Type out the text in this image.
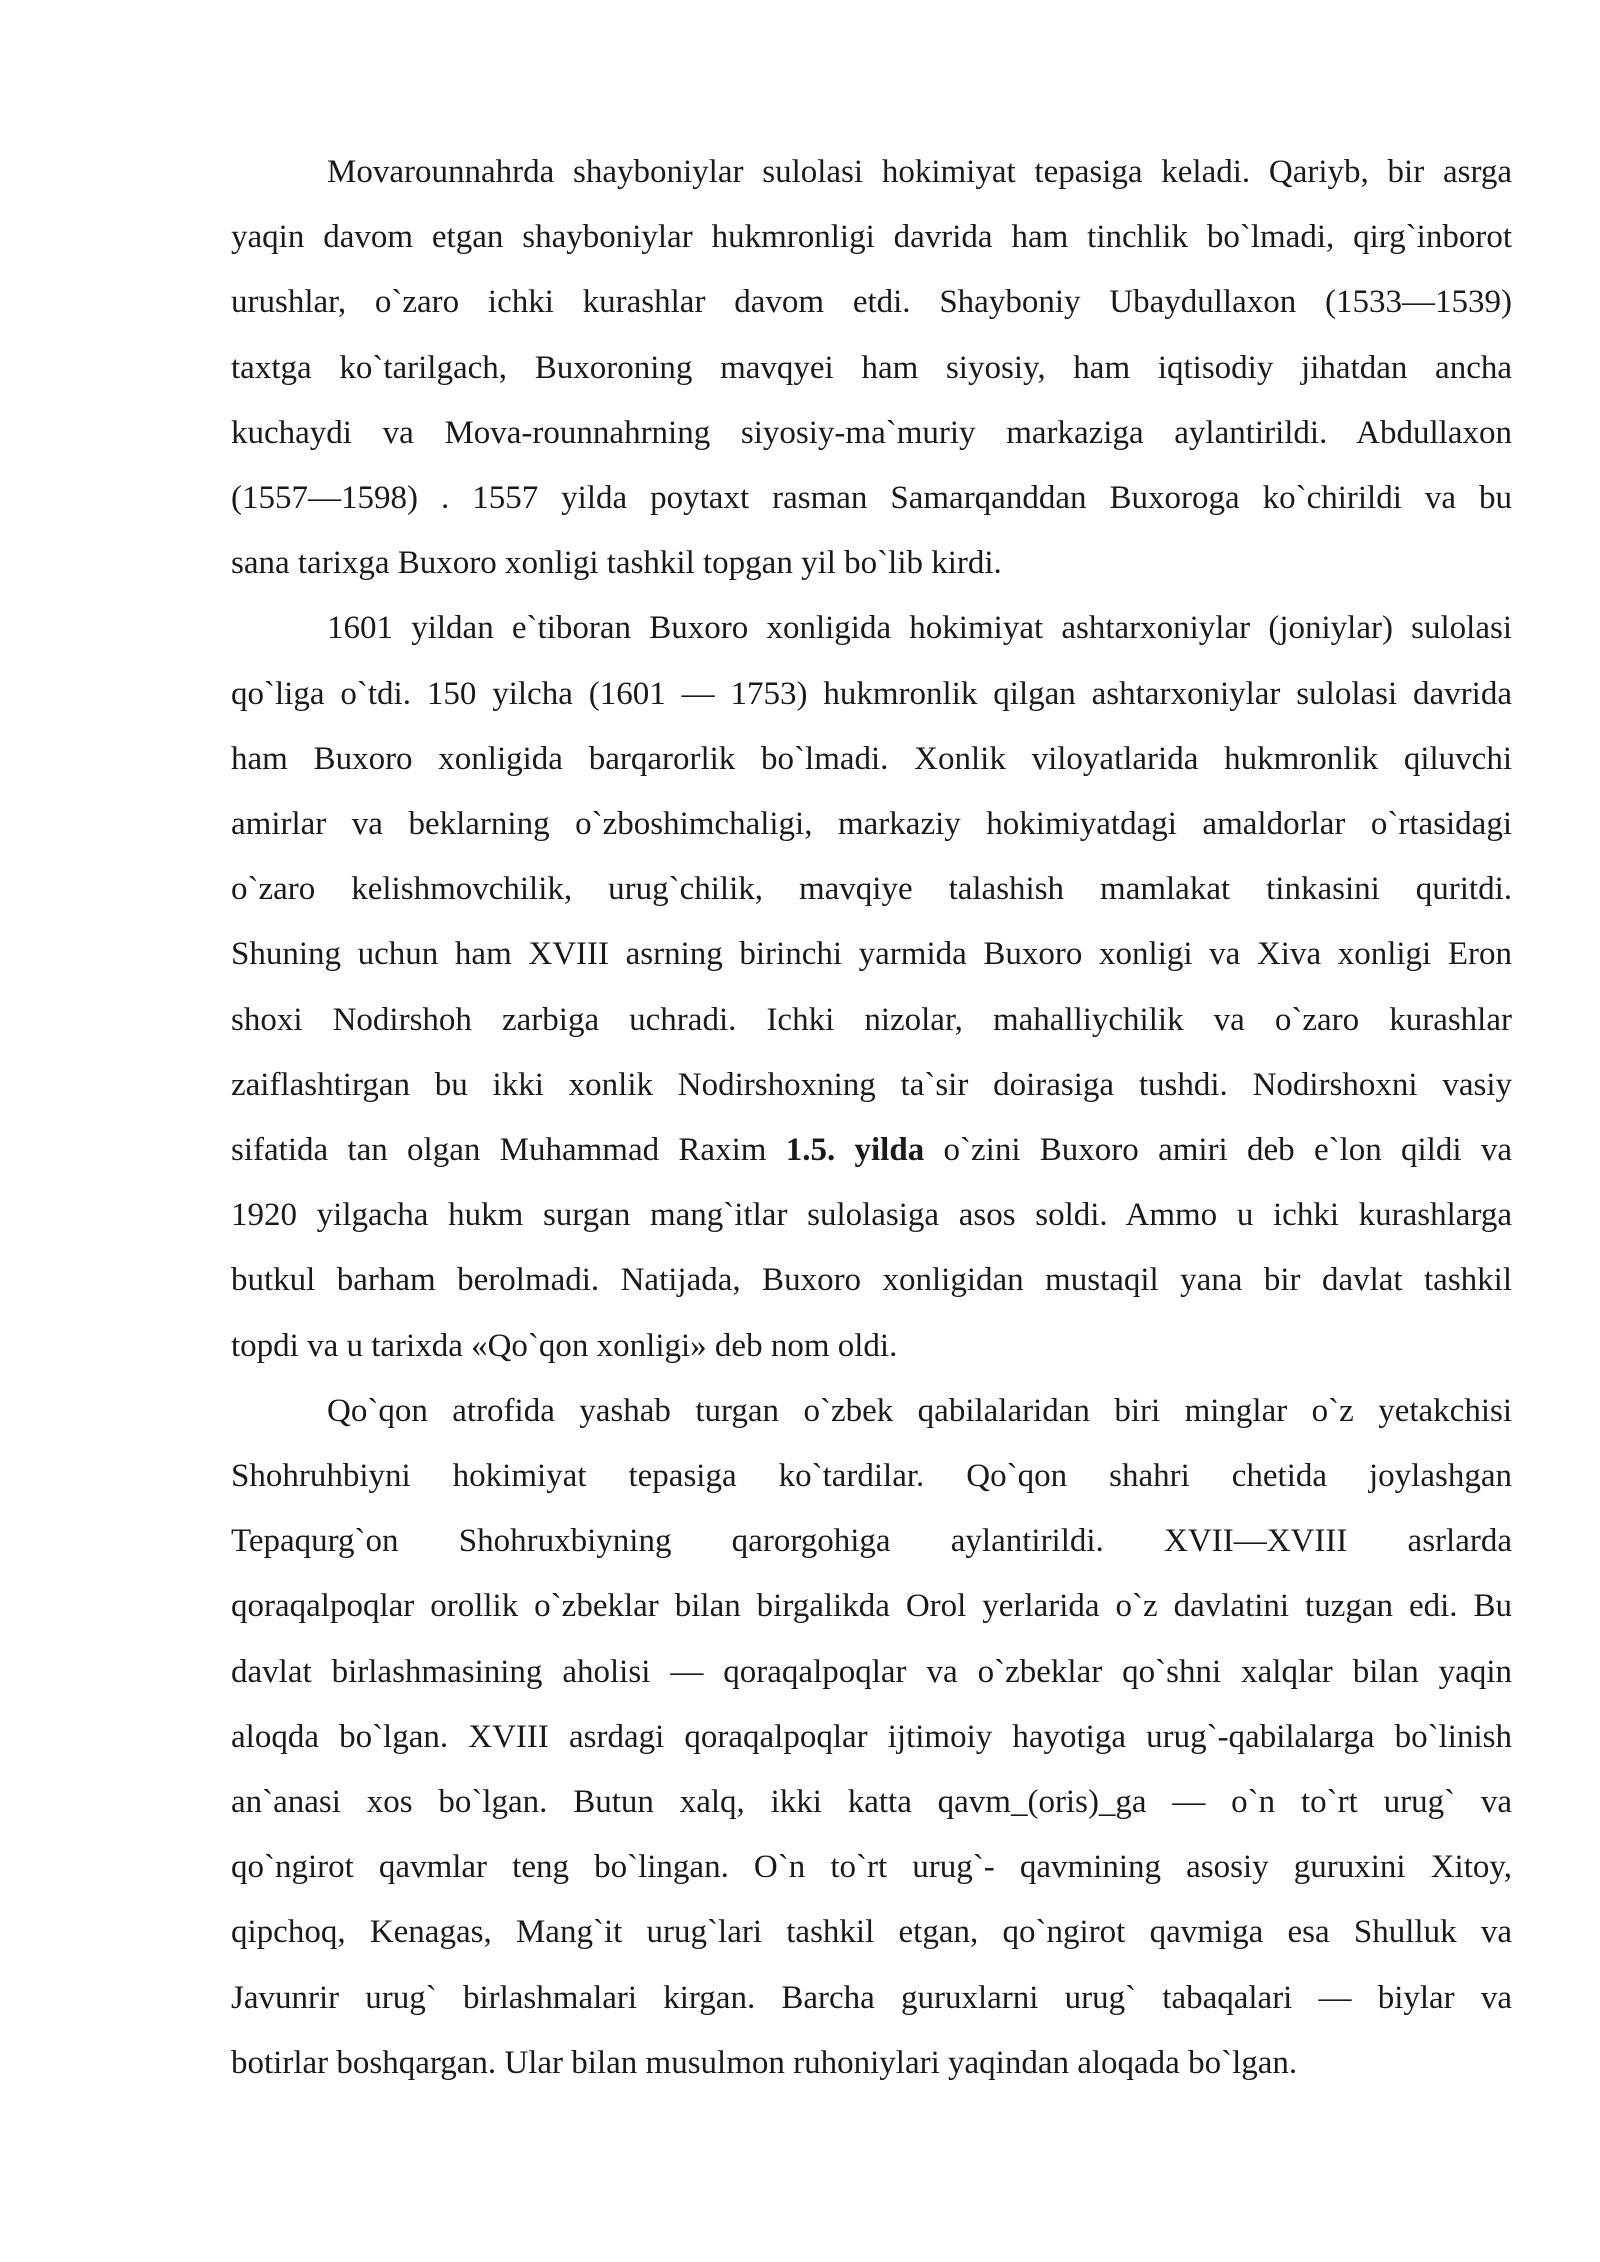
Movarounnahrda shayboniylar sulolasi hokimiyat tepasiga keladi. Qariyb, bir asrga
yaqin davom etgan shayboniylar hukmronligi davrida ham tinchlik bo`lmadi, qirg`inborot
urushlar, o`zaro ichki kurashlar davom etdi. Shayboniy Ubaydullaxon (1533—1539)
taxtga ko`tarilgach, Buxoroning mavqyei ham siyosiy, ham iqtisodiy jihatdan ancha
kuchaydi va Mova-rounnahrning siyosiy-ma`muriy markaziga aylantirildi. Abdullaxon
(1557—1598) . 1557 yilda poytaxt rasman Samarqanddan Buxoroga ko`chirildi va bu
sana tarixga Buxoro xonligi tashkil topgan yil bo`lib kirdi.

1601 yildan e`tiboran Buxoro xonligida hokimiyat ashtarxoniylar (joniylar) sulolasi
qo`liga o`tdi. 150 yilcha (1601 — 1753) hukmronlik qilgan ashtarxoniylar sulolasi davrida
ham Buxoro xonligida barqarorlik bo`lmadi. Xonlik viloyatlarida hukmronlik qiluvchi
amirlar va beklarning o`zboshimchaligi, markaziy hokimiyatdagi amaldorlar o`rtasidagi
o`zaro kelishmovchilik, urug`chilik, mavqiye talashish mamlakat tinkasini quritdi.
Shuning uchun ham XVIII asrning birinchi yarmida Buxoro xonligi va Xiva xonligi Eron
shoxi Nodirshoh zarbiga uchradi. Ichki nizolar, mahalliychilik va o`zaro kurashlar
zaiflashtirgan bu ikki xonlik Nodirshoxning ta`sir doirasiga tushdi. Nodirshoxni vasiy
sifatida tan olgan Muhammad Raxim 1.5. yilda o`zini Buxoro amiri deb e`lon qildi va
1920 yilgacha hukm surgan mang`itlar sulolasiga asos soldi. Ammo u ichki kurashlarga
butkul barham berolmadi. Natijada, Buxoro xonligidan mustaqil yana bir davlat tashkil
topdi va u tarixda «Qo`qon xonligi» deb nom oldi.

Qo`qon atrofida yashab turgan o`zbek qabilalaridan biri minglar o`z yetakchisi
Shohruhbiyni hokimiyat tepasiga ko`tardilar. Qo`qon shahri chetida joylashgan
Tepaqurg`on Shohruxbiyning qarorgohiga aylantirildi. XVII—XVIII asrlarda
qoraqalpoqlar orollik o`zbeklar bilan birgalikda Orol yerlarida o`z davlatini tuzgan edi. Bu
davlat birlashmasining aholisi — qoraqalpoqlar va o`zbeklar qo`shni xalqlar bilan yaqin
aloqda bo`lgan. XVIII asrdagi qoraqalpoqlar ijtimoiy hayotiga urug`-qabilalarga bo`linish
an`anasi xos bo`lgan. Butun xalq, ikki katta qavm_(oris)_ga — o`n to`rt urug` va
qo`ngirot qavmlar teng bo`lingan. O`n to`rt urug`- qavmining asosiy guruxini Xitoy,
qipchoq, Kenagas, Mang`it urug`lari tashkil etgan, qo`ngirot qavmiga esa Shulluk va
Javunrir urug` birlashmalari kirgan. Barcha guruxlarni urug` tabaqalari — biylar va
botirlar boshqargan. Ular bilan musulmon ruhoniylari yaqindan aloqada bo`lgan.
